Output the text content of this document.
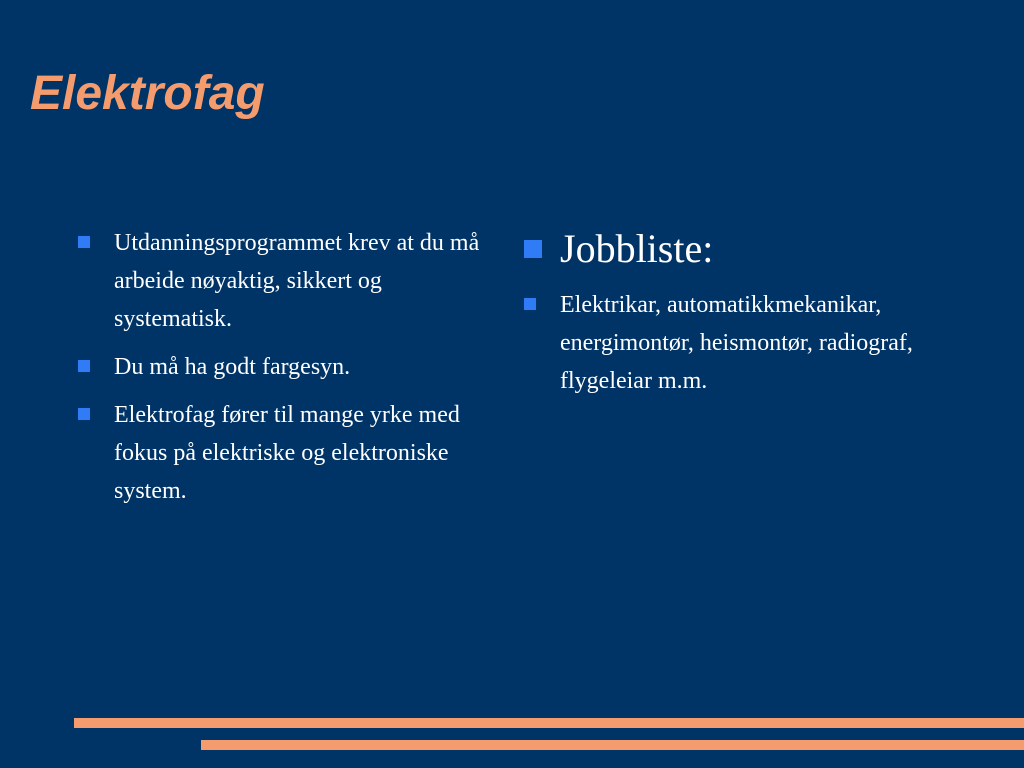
Elektrofag
Utdanningsprogrammet krev at du må arbeide nøyaktig, sikkert og systematisk.
Du må ha godt fargesyn.
Elektrofag fører til mange yrke med fokus på elektriske og elektroniske system.
Jobbliste:
Elektrikar, automatikkmekanikar, energimontør, heismontør, radiograf, flygeleiar m.m.
